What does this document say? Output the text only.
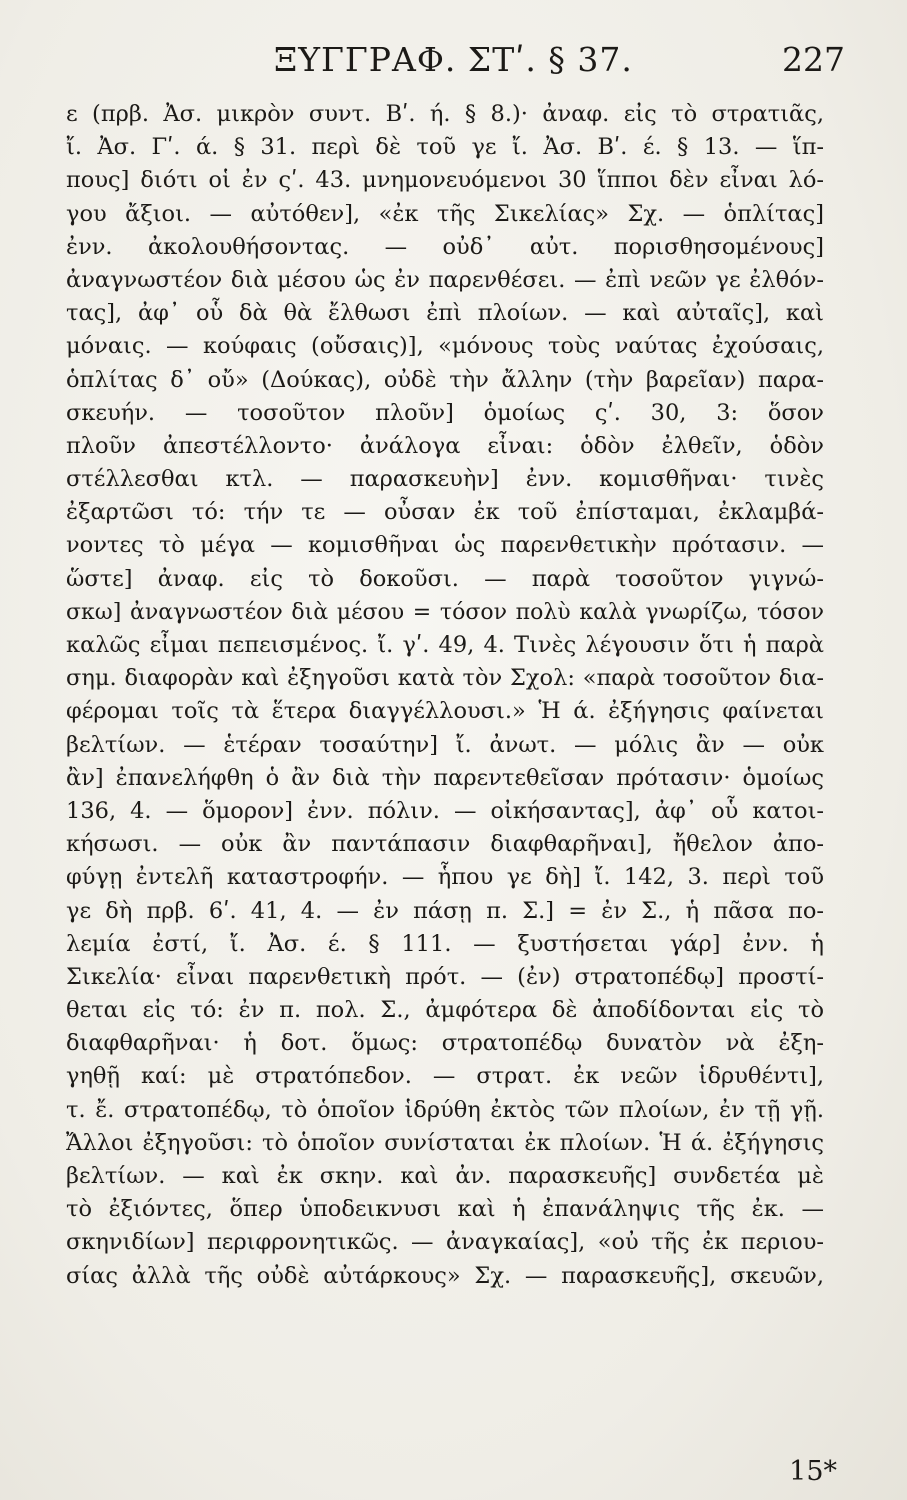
ΞΥΓΓΡΑΦ. ΣΤʹ. § 37.	227
ε (πρβ. Ἀσ. μικρὸν συντ. Βʹ. ή. § 8.)· ἀναφ. εἰς τὸ στρατιᾶς,
ἴ. Ἀσ. Γʹ. ά. § 31. περὶ δὲ τοῦ γε ἴ. Ἀσ. Βʹ. έ. § 13. — ἵπ-
πους] διότι οἱ ἐν ςʹ. 43. μνημονευόμενοι 30 ἵπποι δὲν εἶναι λό-
γου ἄξιοι. — αὐτόθεν], «ἐκ τῆς Σικελίας» Σχ. — ὁπλίτας]
ἐνν. ἀκολουθήσοντας. — οὐδ᾽ αὐτ. πορισθησομένους]
ἀναγνωστέον διὰ μέσου ὡς ἐν παρενθέσει. — ἐπὶ νεῶν γε ἐλθόν-
τας], ἀφ᾽ οὗ δὰ θὰ ἔλθωσι ἐπὶ πλοίων. — καὶ αὐταῖς], καὶ
μόναις. — κούφαις (οὔσαις)], «μόνους τοὺς ναύτας ἐχούσαις,
ὁπλίτας δ᾽ οὔ» (Δούκας), οὐδὲ τὴν ἄλλην (τὴν βαρεῖαν) παρα-
σκευήν. — τοσοῦτον πλοῦν] ὁμοίως ςʹ. 30, 3: ὅσον
πλοῦν ἀπεστέλλοντο· ἀνάλογα εἶναι: ὁδὸν ἐλθεῖν, ὁδὸν
στέλλεσθαι κτλ. — παρασκευὴν] ἐνν. κομισθῆναι· τινὲς
ἐξαρτῶσι τό: τήν τε — οὖσαν ἐκ τοῦ ἐπίσταμαι, ἐκλαμβά-
νοντες τὸ μέγα — κομισθῆναι ὡς παρενθετικὴν πρότασιν. —
ὥστε] ἀναφ. εἰς τὸ δοκοῦσι. — παρὰ τοσοῦτον γιγνώ-
σκω] ἀναγνωστέον διὰ μέσου = τόσον πολὺ καλὰ γνωρίζω, τόσον
καλῶς εἶμαι πεπεισμένος. ἴ. γʹ. 49, 4. Τινὲς λέγουσιν ὅτι ἡ παρὰ
σημ. διαφορὰν καὶ ἐξηγοῦσι κατὰ τὸν Σχολ: «παρὰ τοσοῦτον δια-
φέρομαι τοῖς τὰ ἕτερα διαγγέλλουσι.» Ἡ ά. ἐξήγησις φαίνεται
βελτίων. — ἑτέραν τοσαύτην] ἴ. ἀνωτ. — μόλις ἂν — οὐκ
ἂν] ἐπανελήφθη ὁ ἂν διὰ τὴν παρεντεθεῖσαν πρότασιν· ὁμοίως
136, 4. — ὅμορον] ἐνν. πόλιν. — οἰκήσαντας], ἀφ᾽ οὗ κατοι-
κήσωσι. — οὐκ ἂν παντάπασιν διαφθαρῆναι], ἤθελον ἀπο-
φύγῃ ἐντελῆ καταστροφήν. — ἧπου γε δὴ] ἴ. 142, 3. περὶ τοῦ
γε δὴ πρβ. 6ʹ. 41, 4. — ἐν πάσῃ π. Σ.] = ἐν Σ., ἡ πᾶσα πο-
λεμία ἐστί, ἴ. Ἀσ. έ. § 111. — ξυστήσεται γάρ] ἐνν. ἡ
Σικελία· εἶναι παρενθετικὴ πρότ. — (ἐν) στρατοπέδῳ] προστί-
θεται εἰς τό: ἐν π. πολ. Σ., ἀμφότερα δὲ ἀποδίδονται εἰς τὸ
διαφθαρῆναι· ἡ δοτ. ὅμως: στρατοπέδῳ δυνατὸν νὰ ἐξη-
γηθῇ καί: μὲ στρατόπεδον. — στρατ. ἐκ νεῶν ἱδρυθέντι],
τ. ἔ. στρατοπέδῳ, τὸ ὁποῖον ἱδρύθη ἐκτὸς τῶν πλοίων, ἐν τῇ γῇ.
Ἄλλοι ἐξηγοῦσι: τὸ ὁποῖον συνίσταται ἐκ πλοίων. Ἡ ά. ἐξήγησις
βελτίων. — καὶ ἐκ σκην. καὶ ἀν. παρασκευῆς] συνδετέα μὲ
τὸ ἐξιόντες, ὅπερ ὑποδεικνυσι καὶ ἡ ἐπανάληψις τῆς ἐκ. —
σκηνιδίων] περιφρονητικῶς. — ἀναγκαίας], «οὐ τῆς ἐκ περιου-
σίας ἀλλὰ τῆς οὐδὲ αὐτάρκους» Σχ. — παρασκευῆς], σκευῶν,
15*
